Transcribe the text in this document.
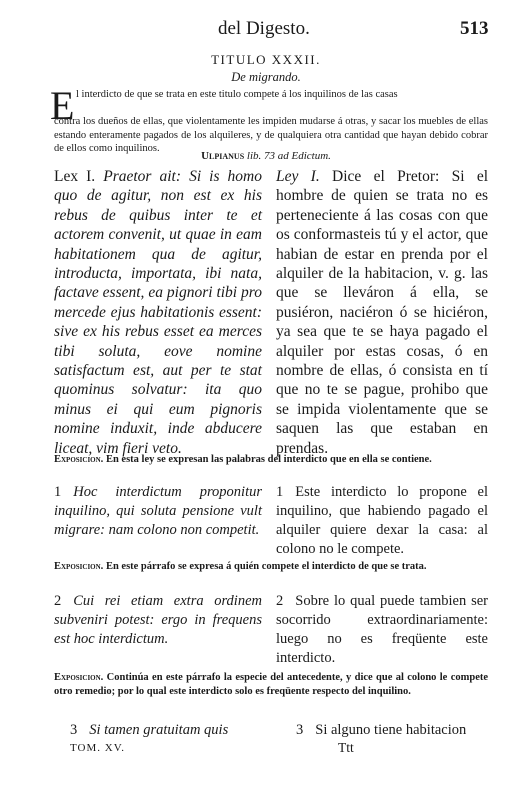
del Digesto.	513
TITULO XXXII.
De migrando.
E l interdicto de que se trata en este titulo compete á los inquilinos de las casas
contra los dueños de ellas, que violentamente les impiden mudarse á otras, y sacar los muebles de ellas estando enteramente pagados de los alquileres, y de qualquiera otra cantidad que hayan debido cobrar de ellos como inquilinos.
Ulpianus lib. 73 ad Edictum.
Lex I. Praetor ait: Si is homo quo de agitur, non est ex his rebus de quibus inter te et actorem convenit, ut quae in eam habitationem qua de agitur, introducta, importata, ibi nata, factave essent, ea pignori tibi pro mercede ejus habitationis essent: sive ex his rebus esset ea merces tibi soluta, eove nomine satisfactum est, aut per te stat quominus solvatur: ita quo minus ei qui eum pignoris nomine induxit, inde abducere liceat, vim fieri veto.
Ley I. Dice el Pretor: Si el hombre de quien se trata no es perteneciente á las cosas con que os conformasteis tú y el actor, que habian de estar en prenda por el alquiler de la habitacion, v. g. las que se lleváron á ella, se pusiéron, naciéron ó se hiciéron, ya sea que te se haya pagado el alquiler por estas cosas, ó en nombre de ellas, ó consista en tí que no te se pague, prohibo que se impida violentamente que se saquen las que estaban en prendas.
Exposicion. En esta ley se expresan las palabras del interdicto que en ella se contiene.
1 Hoc interdictum proponitur inquilino, qui soluta pensione vult migrare: nam colono non competit.
1 Este interdicto lo propone el inquilino, que habiendo pagado el alquiler quiere dexar la casa: al colono no le compete.
Exposicion. En este párrafo se expresa á quién compete el interdicto de que se trata.
2 Cui rei etiam extra ordinem subveniri potest: ergo in frequens est hoc interdictum.
2 Sobre lo qual puede tambien ser socorrido extraordinariamente: luego no es freqüente este interdicto.
Exposicion. Continúa en este párrafo la especie del antecedente, y dice que al colono le compete otro remedio; por lo qual este interdicto solo es freqüente respecto del inquilino.
3 Si tamen gratuitam quis	3 Si alguno tiene habitacion
TOM. XV.	Ttt
